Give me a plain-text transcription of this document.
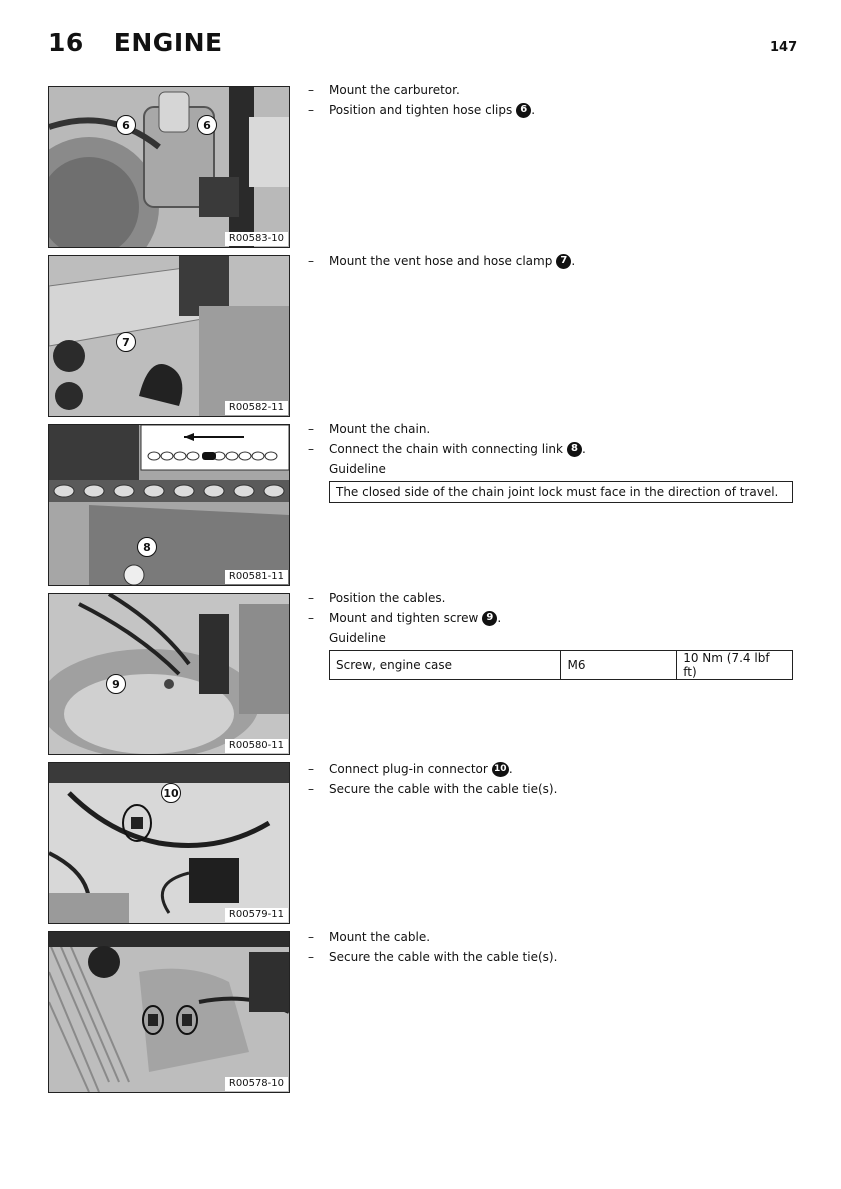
16 ENGINE	147
6	6
R00583-10
7
R00582-11
8
R00581-11
9
R00580-11
10
R00579-11
R00578-10
–	Mount the carburetor.
–	Position and tighten hose clips 6 .
–	Mount the vent hose and hose clamp 7 .
–	Mount the chain.
–	Connect the chain with connecting link 8 .
Guideline
The closed side of the chain joint lock must face in the direction of travel.
–	Position the cables.
–	Mount and tighten screw 9 .
Guideline
Screw, engine case	M6	10 Nm (7.4 lbf ft)
–	Connect plug-in connector 10 .
–	Secure the cable with the cable tie(s).
–	Mount the cable.
–	Secure the cable with the cable tie(s).
